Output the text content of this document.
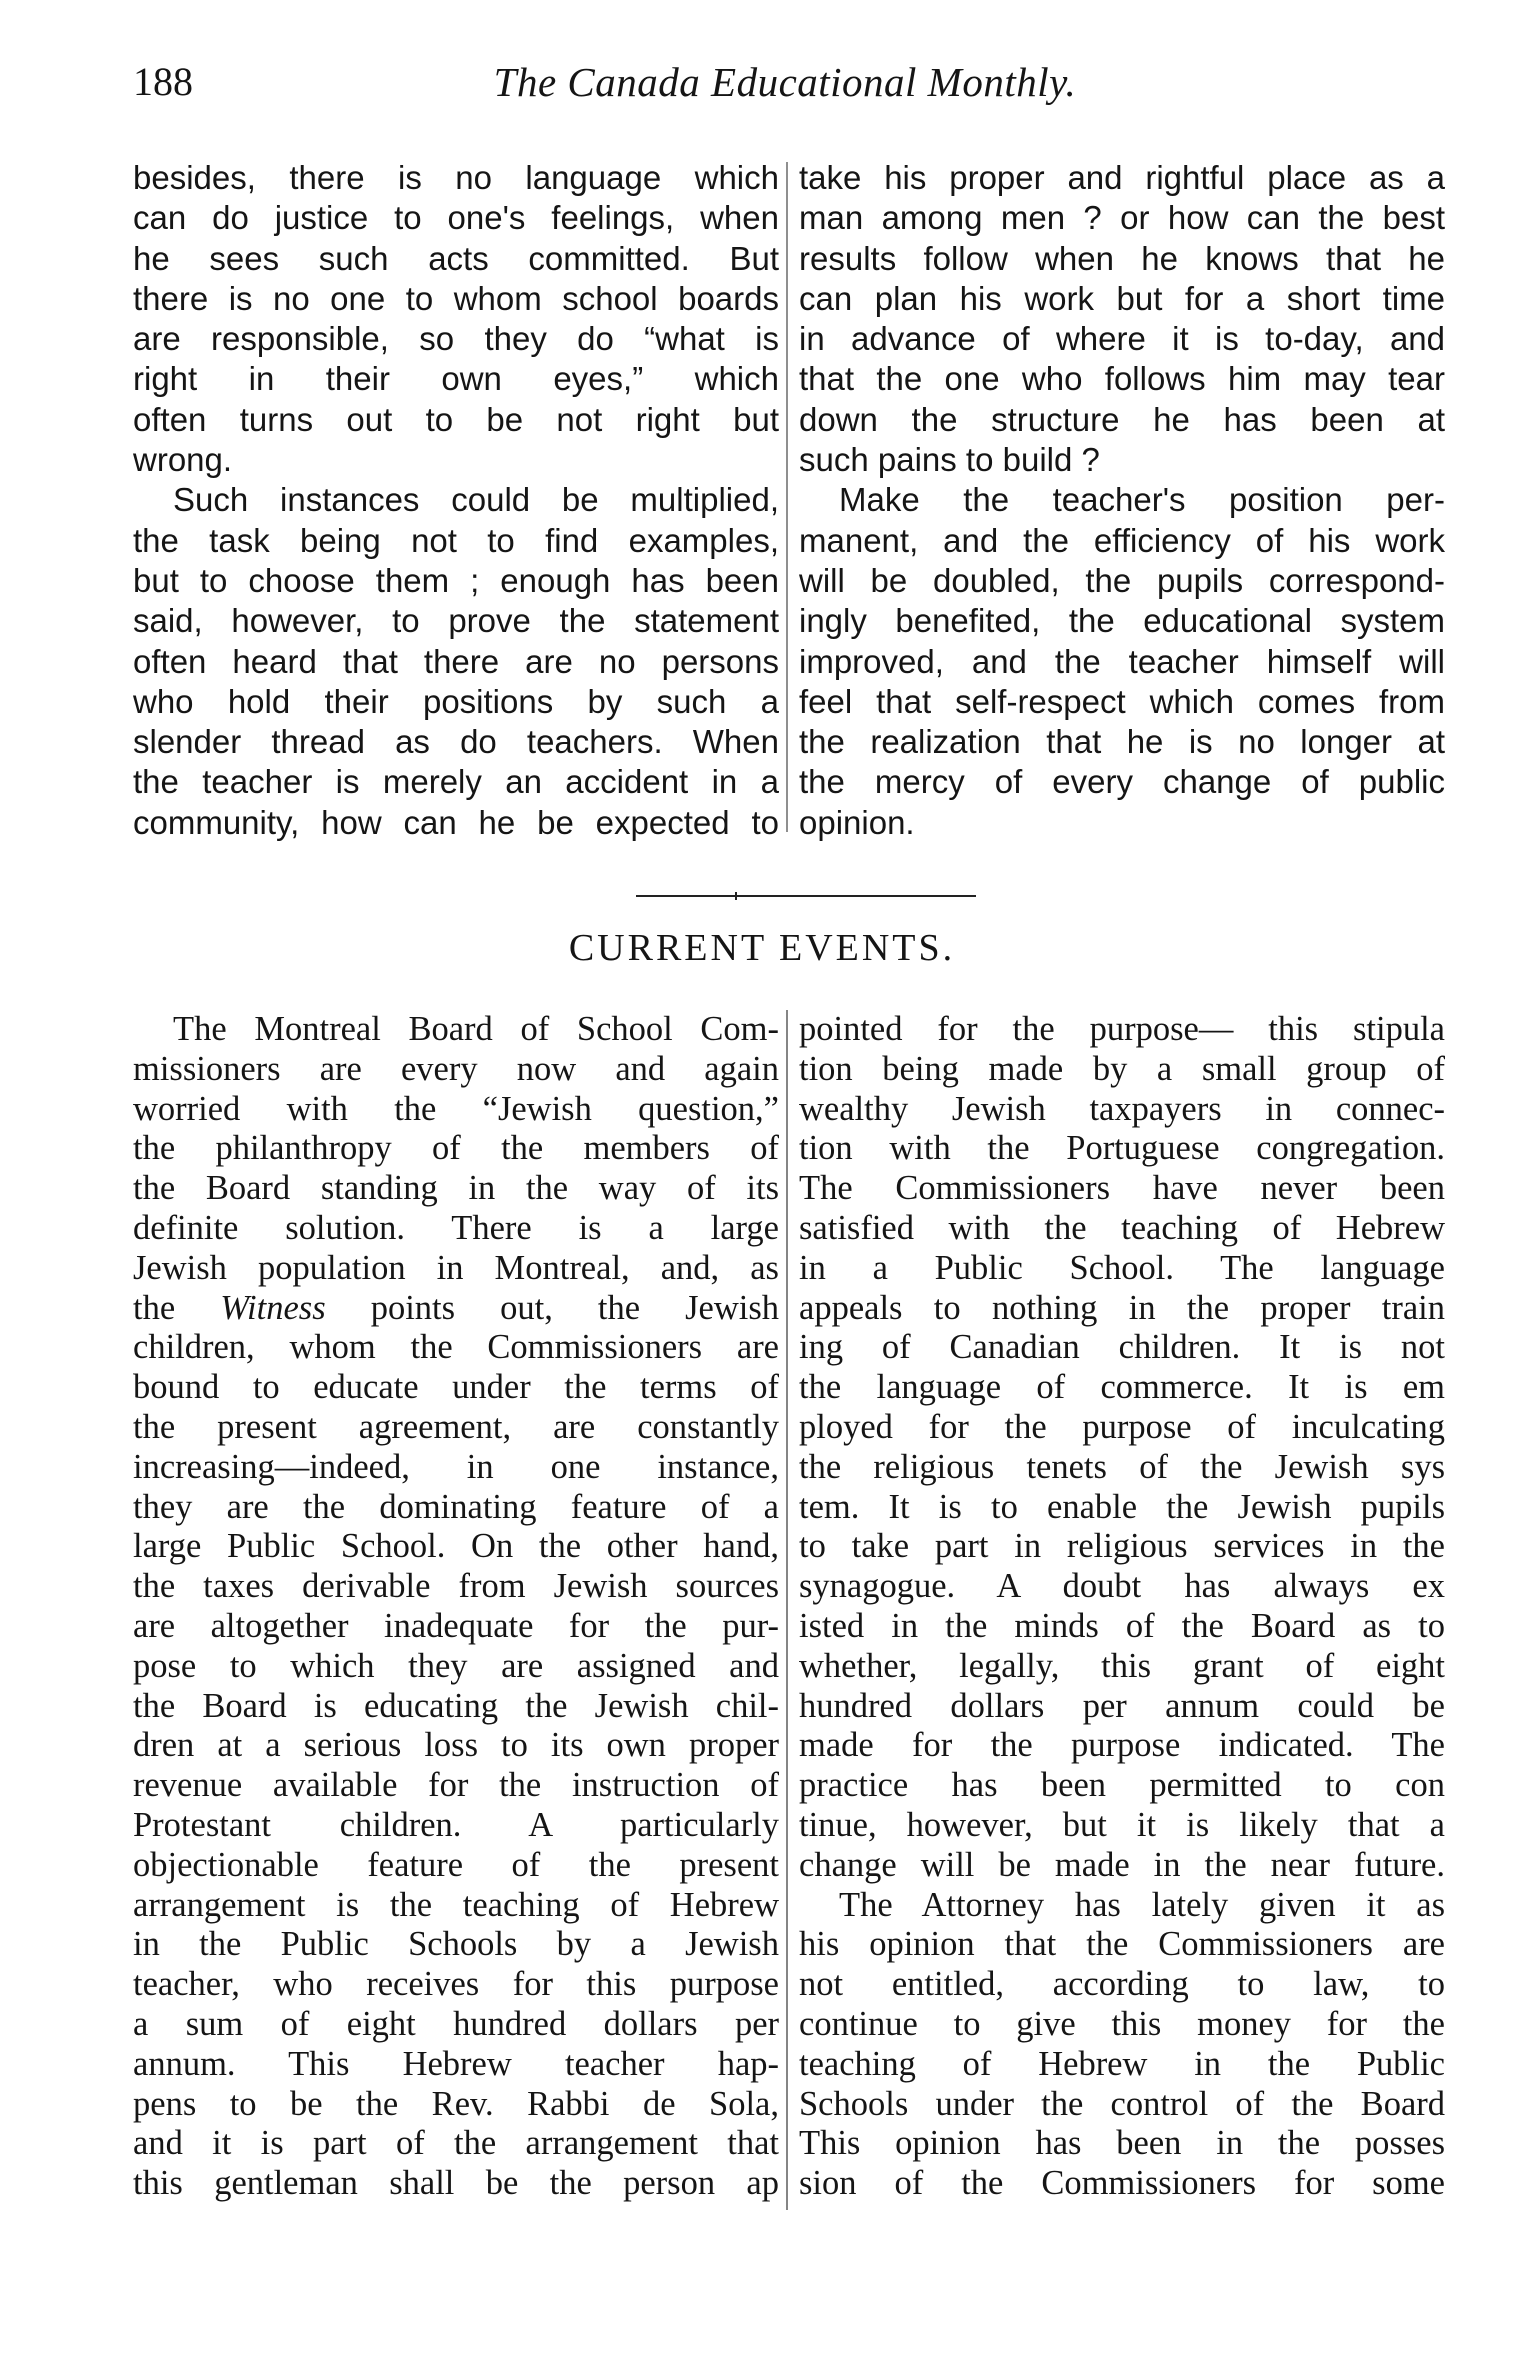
188	The Canada Educational Monthly.
besides, there is no language which
can do justice to one's feelings, when
he sees such acts committed. But
there is no one to whom school boards
are responsible, so they do “what is
right in their own eyes,” which
often turns out to be not right but
wrong.
Such instances could be multiplied,
the task being not to find examples,
but to choose them ; enough has been
said, however, to prove the statement
often heard that there are no persons
who hold their positions by such a
slender thread as do teachers. When
the teacher is merely an accident in a
community, how can he be expected to
take his proper and rightful place as a
man among men ? or how can the best
results follow when he knows that he
can plan his work but for a short time
in advance of where it is to-day, and
that the one who follows him may tear
down the structure he has been at
such pains to build ?
Make the teacher's position per-
manent, and the efficiency of his work
will be doubled, the pupils correspond-
ingly benefited, the educational system
improved, and the teacher himself will
feel that self-respect which comes from
the realization that he is no longer at
the mercy of every change of public
opinion.
CURRENT EVENTS.
The Montreal Board of School Com-
missioners are every now and again
worried with the “Jewish question,”
the philanthropy of the members of
the Board standing in the way of its
definite solution. There is a large
Jewish population in Montreal, and, as
the Witness points out, the Jewish
children, whom the Commissioners are
bound to educate under the terms of
the present agreement, are constantly
increasing—indeed, in one instance,
they are the dominating feature of a
large Public School. On the other hand,
the taxes derivable from Jewish sources
are altogether inadequate for the pur-
pose to which they are assigned and
the Board is educating the Jewish chil-
dren at a serious loss to its own proper
revenue available for the instruction of
Protestant children. A particularly
objectionable feature of the present
arrangement is the teaching of Hebrew
in the Public Schools by a Jewish
teacher, who receives for this purpose
a sum of eight hundred dollars per
annum. This Hebrew teacher hap-
pens to be the Rev. Rabbi de Sola,
and it is part of the arrangement that
this gentleman shall be the person ap
pointed for the purpose— this stipula
tion being made by a small group of
wealthy Jewish taxpayers in connec-
tion with the Portuguese congregation.
The Commissioners have never been
satisfied with the teaching of Hebrew
in a Public School. The language
appeals to nothing in the proper train
ing of Canadian children. It is not
the language of commerce. It is em
ployed for the purpose of inculcating
the religious tenets of the Jewish sys
tem. It is to enable the Jewish pupils
to take part in religious services in the
synagogue. A doubt has always ex
isted in the minds of the Board as to
whether, legally, this grant of eight
hundred dollars per annum could be
made for the purpose indicated. The
practice has been permitted to con
tinue, however, but it is likely that a
change will be made in the near future.
The Attorney has lately given it as
his opinion that the Commissioners are
not entitled, according to law, to
continue to give this money for the
teaching of Hebrew in the Public
Schools under the control of the Board
This opinion has been in the posses
sion of the Commissioners for some
